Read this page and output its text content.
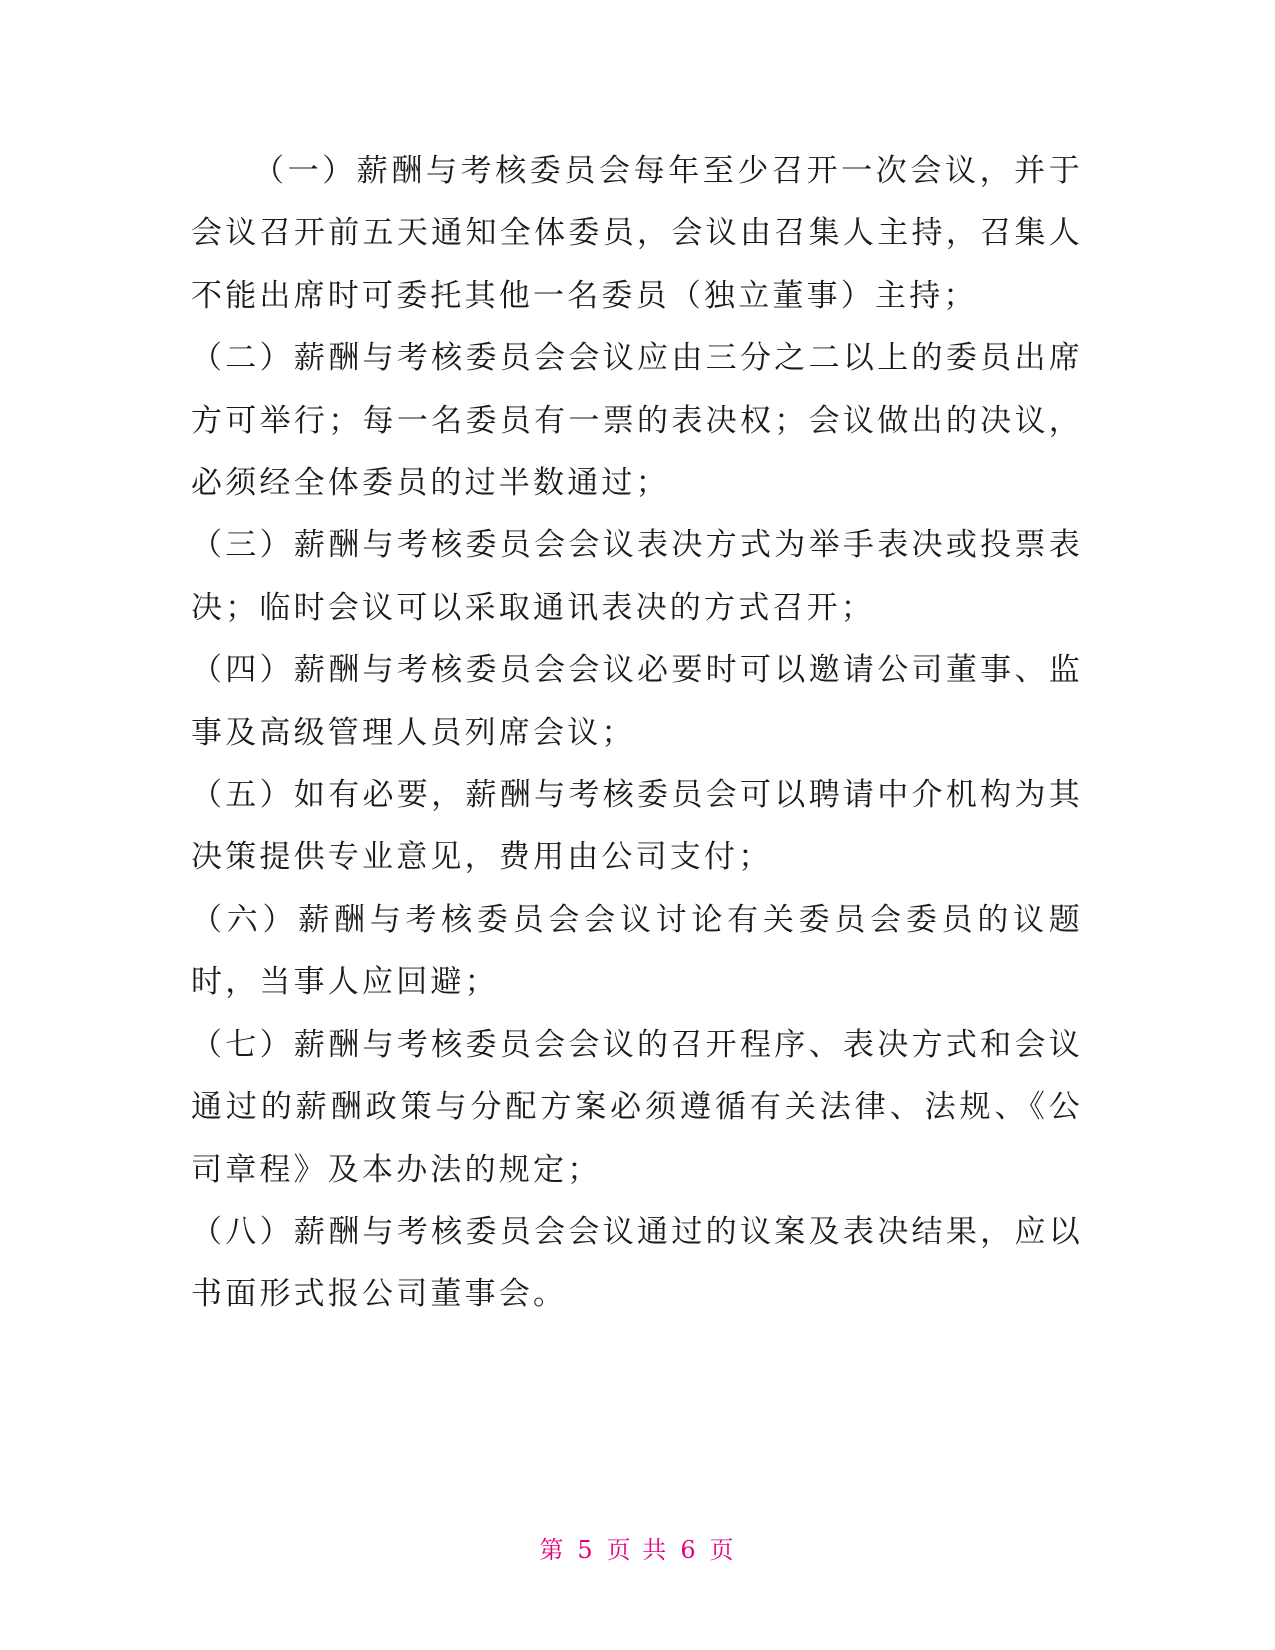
（一）薪酬与考核委员会每年至少召开一次会议，并于会议召开前五天通知全体委员，会议由召集人主持，召集人不能出席时可委托其他一名委员（独立董事）主持；

（二）薪酬与考核委员会会议应由三分之二以上的委员出席方可举行；每一名委员有一票的表决权；会议做出的决议，必须经全体委员的过半数通过；

（三）薪酬与考核委员会会议表决方式为举手表决或投票表决；临时会议可以采取通讯表决的方式召开；

（四）薪酬与考核委员会会议必要时可以邀请公司董事、监事及高级管理人员列席会议；

（五）如有必要，薪酬与考核委员会可以聘请中介机构为其决策提供专业意见，费用由公司支付；

（六）薪酬与考核委员会会议讨论有关委员会委员的议题时，当事人应回避；

（七）薪酬与考核委员会会议的召开程序、表决方式和会议通过的薪酬政策与分配方案必须遵循有关法律、法规、《公司章程》及本办法的规定；

（八）薪酬与考核委员会会议通过的议案及表决结果，应以书面形式报公司董事会。

第 5 页 共 6 页
